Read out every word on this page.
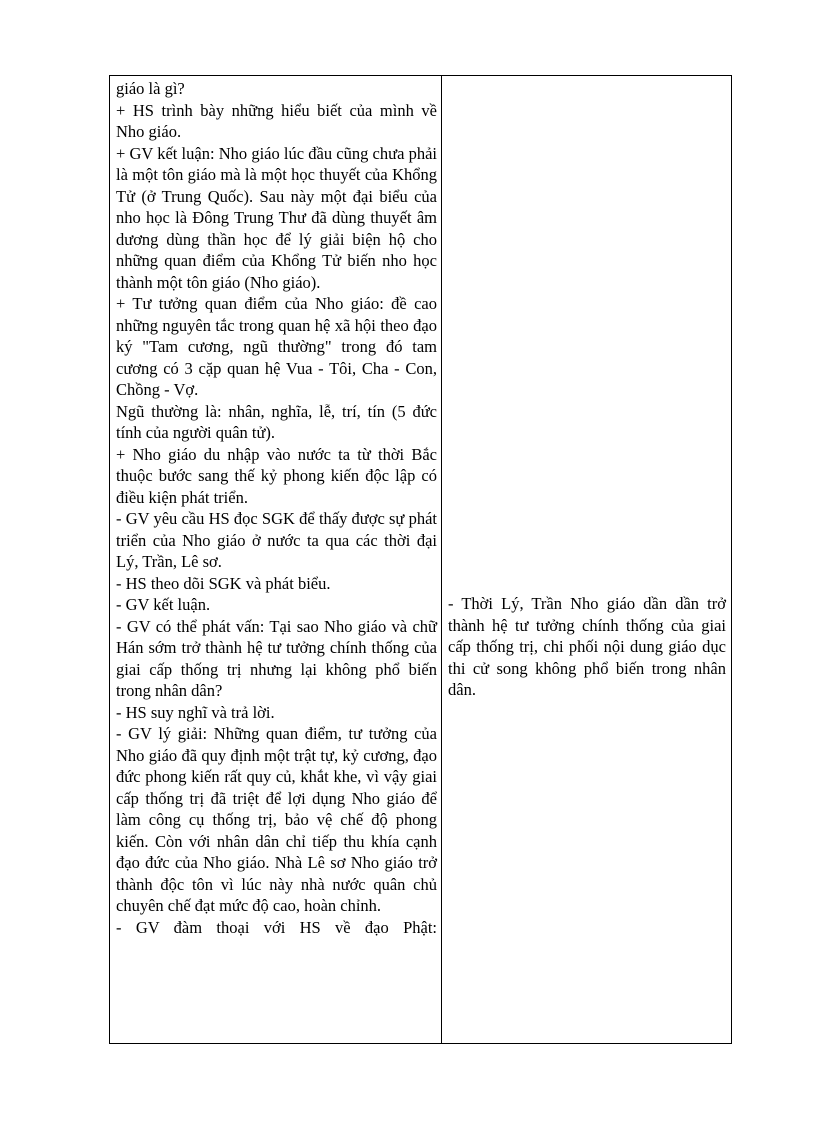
giáo là gì?

+ HS trình bày những hiểu biết của mình về Nho giáo.

+ GV kết luận: Nho giáo lúc đầu cũng chưa phải là một tôn giáo mà là một học thuyết của Khổng Tử (ở Trung Quốc). Sau này một đại biểu của nho học là Đông Trung Thư đã dùng thuyết âm dương dùng thần học để lý giải biện hộ cho những quan điểm của Khổng Tử biến nho học thành một tôn giáo (Nho giáo).

+ Tư tưởng quan điểm của Nho giáo: đề cao những nguyên tắc trong quan hệ xã hội theo đạo ký "Tam cương, ngũ thường" trong đó tam cương có 3 cặp quan hệ Vua - Tôi, Cha - Con, Chồng - Vợ.

Ngũ thường là: nhân, nghĩa, lễ, trí, tín (5 đức tính của người quân tử).

+ Nho giáo du nhập vào nước ta từ thời Bắc thuộc bước sang thế kỷ phong kiến độc lập có điều kiện phát triển.

- GV yêu cầu HS đọc SGK để thấy được sự phát triển của Nho giáo ở nước ta qua các thời đại Lý, Trần, Lê sơ.

- HS theo dõi SGK và phát biểu.

- GV kết luận.

- GV có thể phát vấn: Tại sao Nho giáo và chữ Hán sớm trở thành hệ tư tưởng chính thống của giai cấp thống trị nhưng lại không phổ biến trong nhân dân?

- HS suy nghĩ và trả lời.

- GV lý giải: Những quan điểm, tư tưởng của Nho giáo đã quy định một trật tự, kỷ cương, đạo đức phong kiến rất quy củ, khắt khe, vì vậy giai cấp thống trị đã triệt để lợi dụng Nho giáo để làm công cụ thống trị, bảo vệ chế độ phong kiến. Còn với nhân dân chỉ tiếp thu khía cạnh đạo đức của Nho giáo. Nhà Lê sơ Nho giáo trở thành độc tôn vì lúc này nhà nước quân chủ chuyên chế đạt mức độ cao, hoàn chỉnh.

- GV đàm thoại với HS về đạo Phật:

- Thời Lý, Trần Nho giáo dần dần trở thành hệ tư tưởng chính thống của giai cấp thống trị, chi phối nội dung giáo dục thi cử song không phổ biến trong nhân dân.
